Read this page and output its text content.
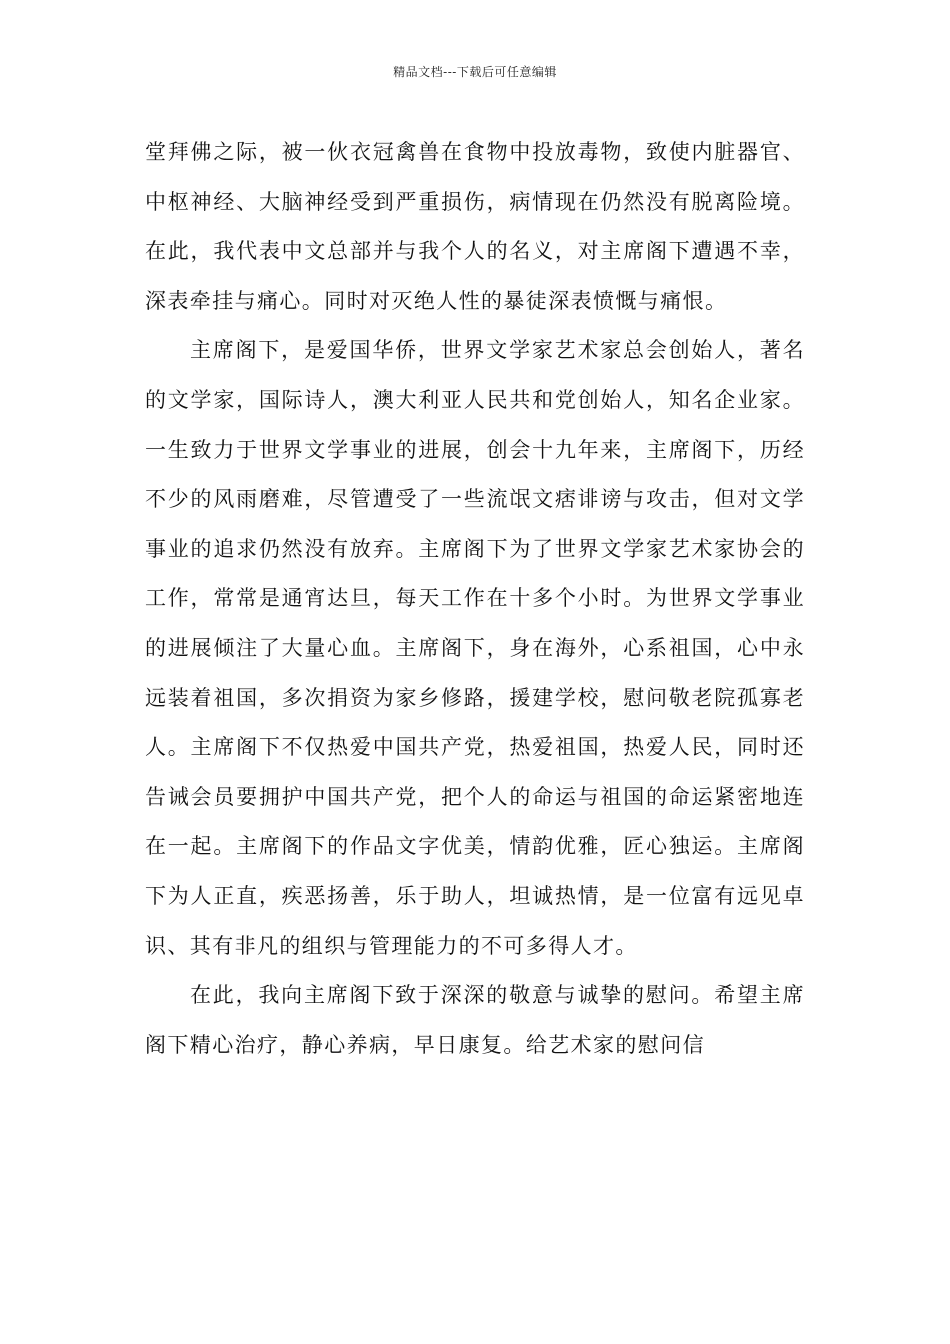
精品文档---下载后可任意编辑

堂拜佛之际，被一伙衣冠禽兽在食物中投放毒物，致使内脏器官、中枢神经、大脑神经受到严重损伤，病情现在仍然没有脱离险境。在此，我代表中文总部并与我个人的名义，对主席阁下遭遇不幸，深表牵挂与痛心。同时对灭绝人性的暴徒深表愤慨与痛恨。

主席阁下，是爱国华侨，世界文学家艺术家总会创始人，著名的文学家，国际诗人，澳大利亚人民共和党创始人，知名企业家。一生致力于世界文学事业的进展，创会十九年来，主席阁下，历经不少的风雨磨难，尽管遭受了一些流氓文痞诽谤与攻击，但对文学事业的追求仍然没有放弃。主席阁下为了世界文学家艺术家协会的工作，常常是通宵达旦，每天工作在十多个小时。为世界文学事业的进展倾注了大量心血。主席阁下，身在海外，心系祖国，心中永远装着祖国，多次捐资为家乡修路，援建学校，慰问敬老院孤寡老人。主席阁下不仅热爱中国共产党，热爱祖国，热爱人民，同时还告诫会员要拥护中国共产党，把个人的命运与祖国的命运紧密地连在一起。主席阁下的作品文字优美，情韵优雅，匠心独运。主席阁下为人正直，疾恶扬善，乐于助人，坦诚热情，是一位富有远见卓识、其有非凡的组织与管理能力的不可多得人才。

在此，我向主席阁下致于深深的敬意与诚挚的慰问。希望主席阁下精心治疗，静心养病，早日康复。给艺术家的慰问信
